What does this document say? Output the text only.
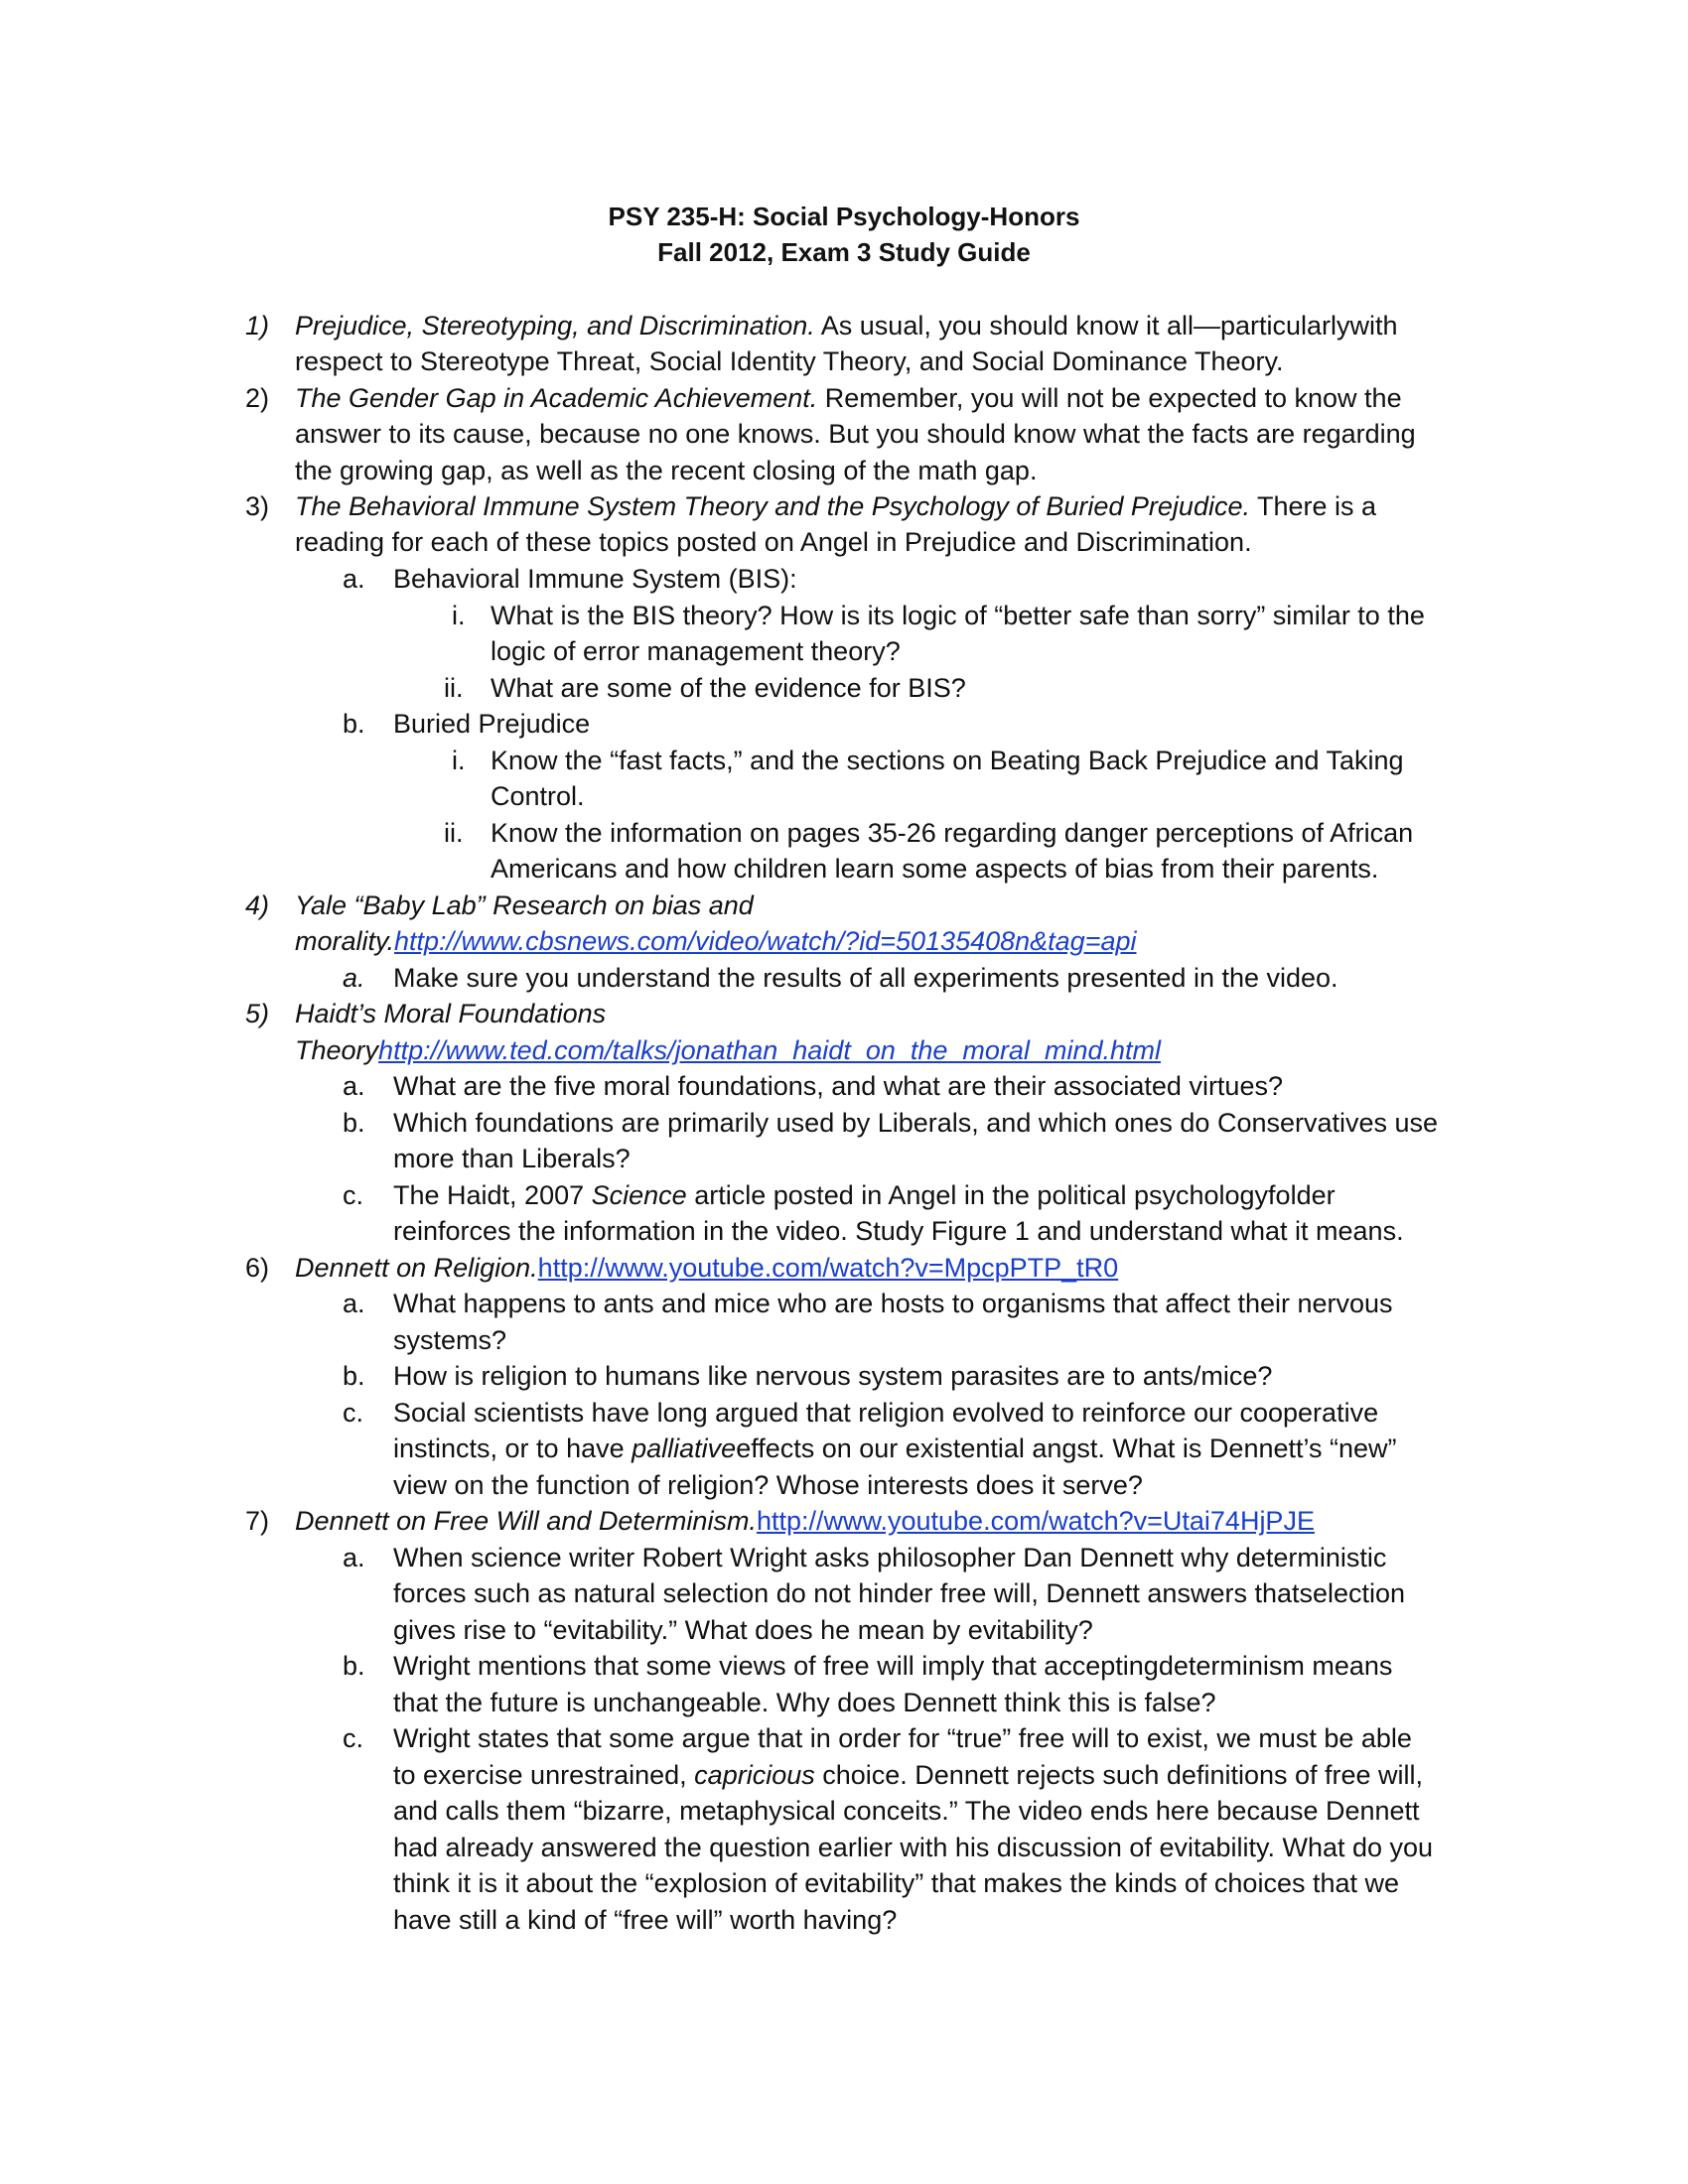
PSY 235-H: Social Psychology-Honors
Fall 2012, Exam 3 Study Guide
1) Prejudice, Stereotyping, and Discrimination. As usual, you should know it all—particularlywith
respect to Stereotype Threat, Social Identity Theory, and Social Dominance Theory.
2) The Gender Gap in Academic Achievement. Remember, you will not be expected to know the
answer to its cause, because no one knows. But you should know what the facts are regarding
the growing gap, as well as the recent closing of the math gap.
3) The Behavioral Immune System Theory and the Psychology of Buried Prejudice. There is a
reading for each of these topics posted on Angel in Prejudice and Discrimination.
a. Behavioral Immune System (BIS):
i. What is the BIS theory? How is its logic of “better safe than sorry” similar to the
logic of error management theory?
ii. What are some of the evidence for BIS?
b. Buried Prejudice
i. Know the “fast facts,” and the sections on Beating Back Prejudice and Taking
Control.
ii. Know the information on pages 35-26 regarding danger perceptions of African
Americans and how children learn some aspects of bias from their parents.
4) Yale “Baby Lab” Research on bias and
morality.http://www.cbsnews.com/video/watch/?id=50135408n&tag=api
a. Make sure you understand the results of all experiments presented in the video.
5) Haidt’s Moral Foundations
Theoryhttp://www.ted.com/talks/jonathan_haidt_on_the_moral_mind.html
a. What are the five moral foundations, and what are their associated virtues?
b. Which foundations are primarily used by Liberals, and which ones do Conservatives use
more than Liberals?
c. The Haidt, 2007 Science article posted in Angel in the political psychologyfolder
reinforces the information in the video. Study Figure 1 and understand what it means.
6) Dennett on Religion.http://www.youtube.com/watch?v=MpcpPTP_tR0
a. What happens to ants and mice who are hosts to organisms that affect their nervous
systems?
b. How is religion to humans like nervous system parasites are to ants/mice?
c. Social scientists have long argued that religion evolved to reinforce our cooperative
instincts, or to have palliativeeffects on our existential angst. What is Dennett’s “new”
view on the function of religion? Whose interests does it serve?
7) Dennett on Free Will and Determinism.http://www.youtube.com/watch?v=Utai74HjPJE
a. When science writer Robert Wright asks philosopher Dan Dennett why deterministic
forces such as natural selection do not hinder free will, Dennett answers thatselection
gives rise to “evitability.” What does he mean by evitability?
b. Wright mentions that some views of free will imply that acceptingdeterminism means
that the future is unchangeable. Why does Dennett think this is false?
c. Wright states that some argue that in order for “true” free will to exist, we must be able
to exercise unrestrained, capricious choice. Dennett rejects such definitions of free will,
and calls them “bizarre, metaphysical conceits.” The video ends here because Dennett
had already answered the question earlier with his discussion of evitability. What do you
think it is it about the “explosion of evitability” that makes the kinds of choices that we
have still a kind of “free will” worth having?
